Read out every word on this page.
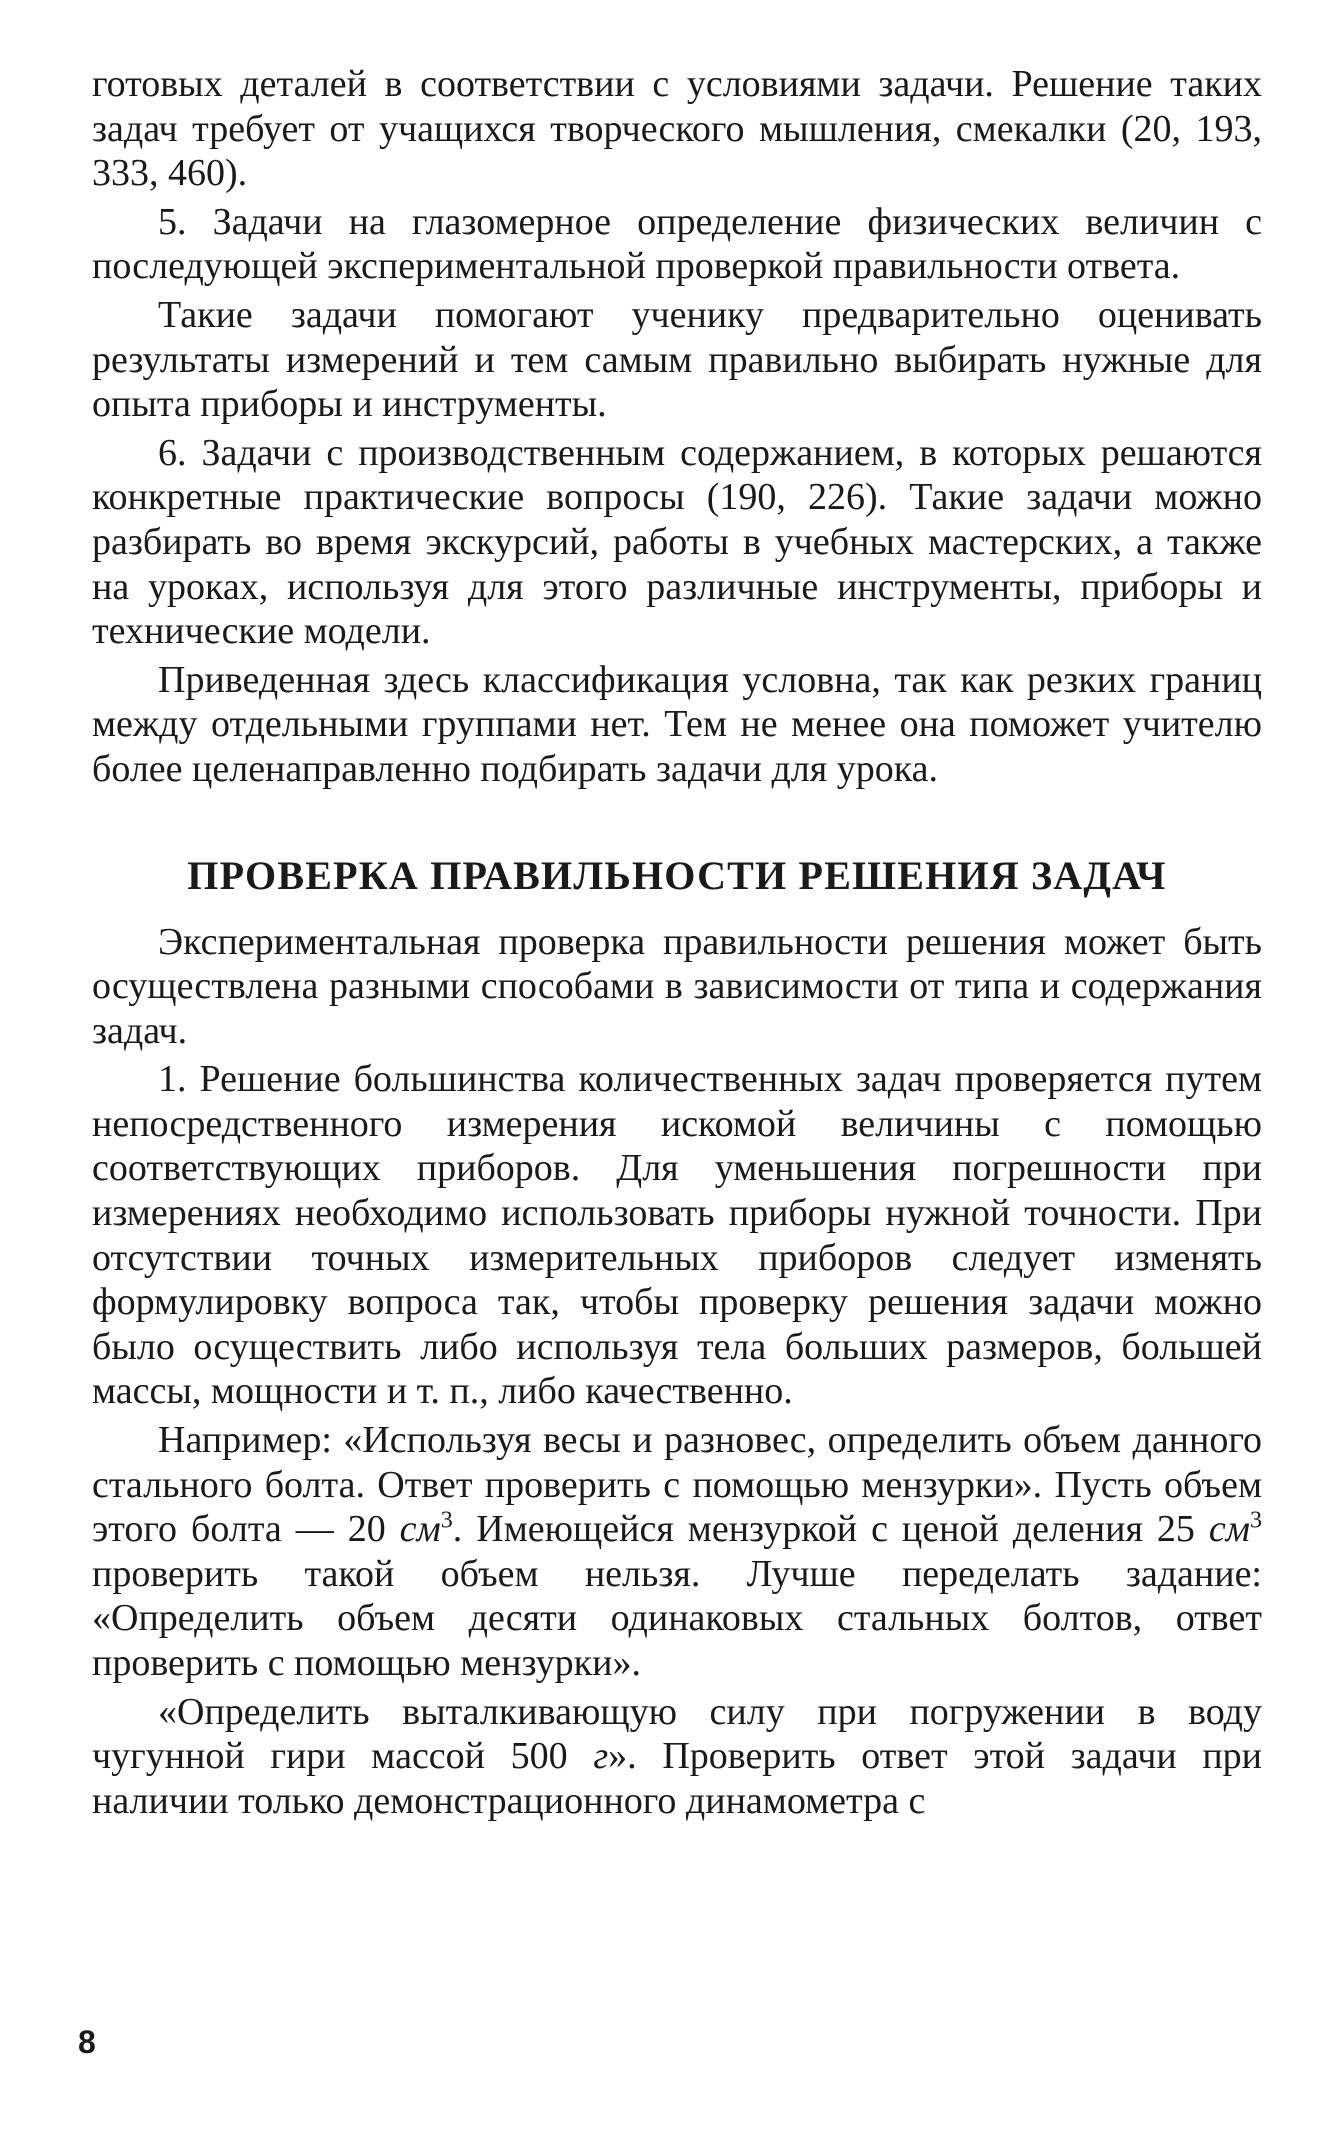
готовых деталей в соответствии с условиями задачи. Решение таких задач требует от учащихся творческого мышления, смекалки (20, 193, 333, 460).

5. Задачи на глазомерное определение физических величин с последующей экспериментальной проверкой правильности ответа.

Такие задачи помогают ученику предварительно оценивать результаты измерений и тем самым правильно выбирать нужные для опыта приборы и инструменты.

6. Задачи с производственным содержанием, в которых решаются конкретные практические вопросы (190, 226). Такие задачи можно разбирать во время экскурсий, работы в учебных мастерских, а также на уроках, используя для этого различные инструменты, приборы и технические модели.

Приведенная здесь классификация условна, так как резких границ между отдельными группами нет. Тем не менее она поможет учителю более целенаправленно подбирать задачи для урока.

ПРОВЕРКА ПРАВИЛЬНОСТИ РЕШЕНИЯ ЗАДАЧ

Экспериментальная проверка правильности решения может быть осуществлена разными способами в зависимости от типа и содержания задач.

1. Решение большинства количественных задач проверяется путем непосредственного измерения искомой величины с помощью соответствующих приборов. Для уменьшения погрешности при измерениях необходимо использовать приборы нужной точности. При отсутствии точных измерительных приборов следует изменять формулировку вопроса так, чтобы проверку решения задачи можно было осуществить либо используя тела больших размеров, большей массы, мощности и т. п., либо качественно.

Например: «Используя весы и разновес, определить объем данного стального болта. Ответ проверить с помощью мензурки». Пусть объем этого болта — 20 $см^3$. Имеющейся мензуркой с ценой деления 25 $см^3$ проверить такой объем нельзя. Лучше переделать задание: «Определить объем десяти одинаковых стальных болтов, ответ проверить с помощью мензурки».

«Определить выталкивающую силу при погружении в воду чугунной гири массой 500 г». Проверить ответ этой задачи при наличии только демонстрационного динамометра с

8
